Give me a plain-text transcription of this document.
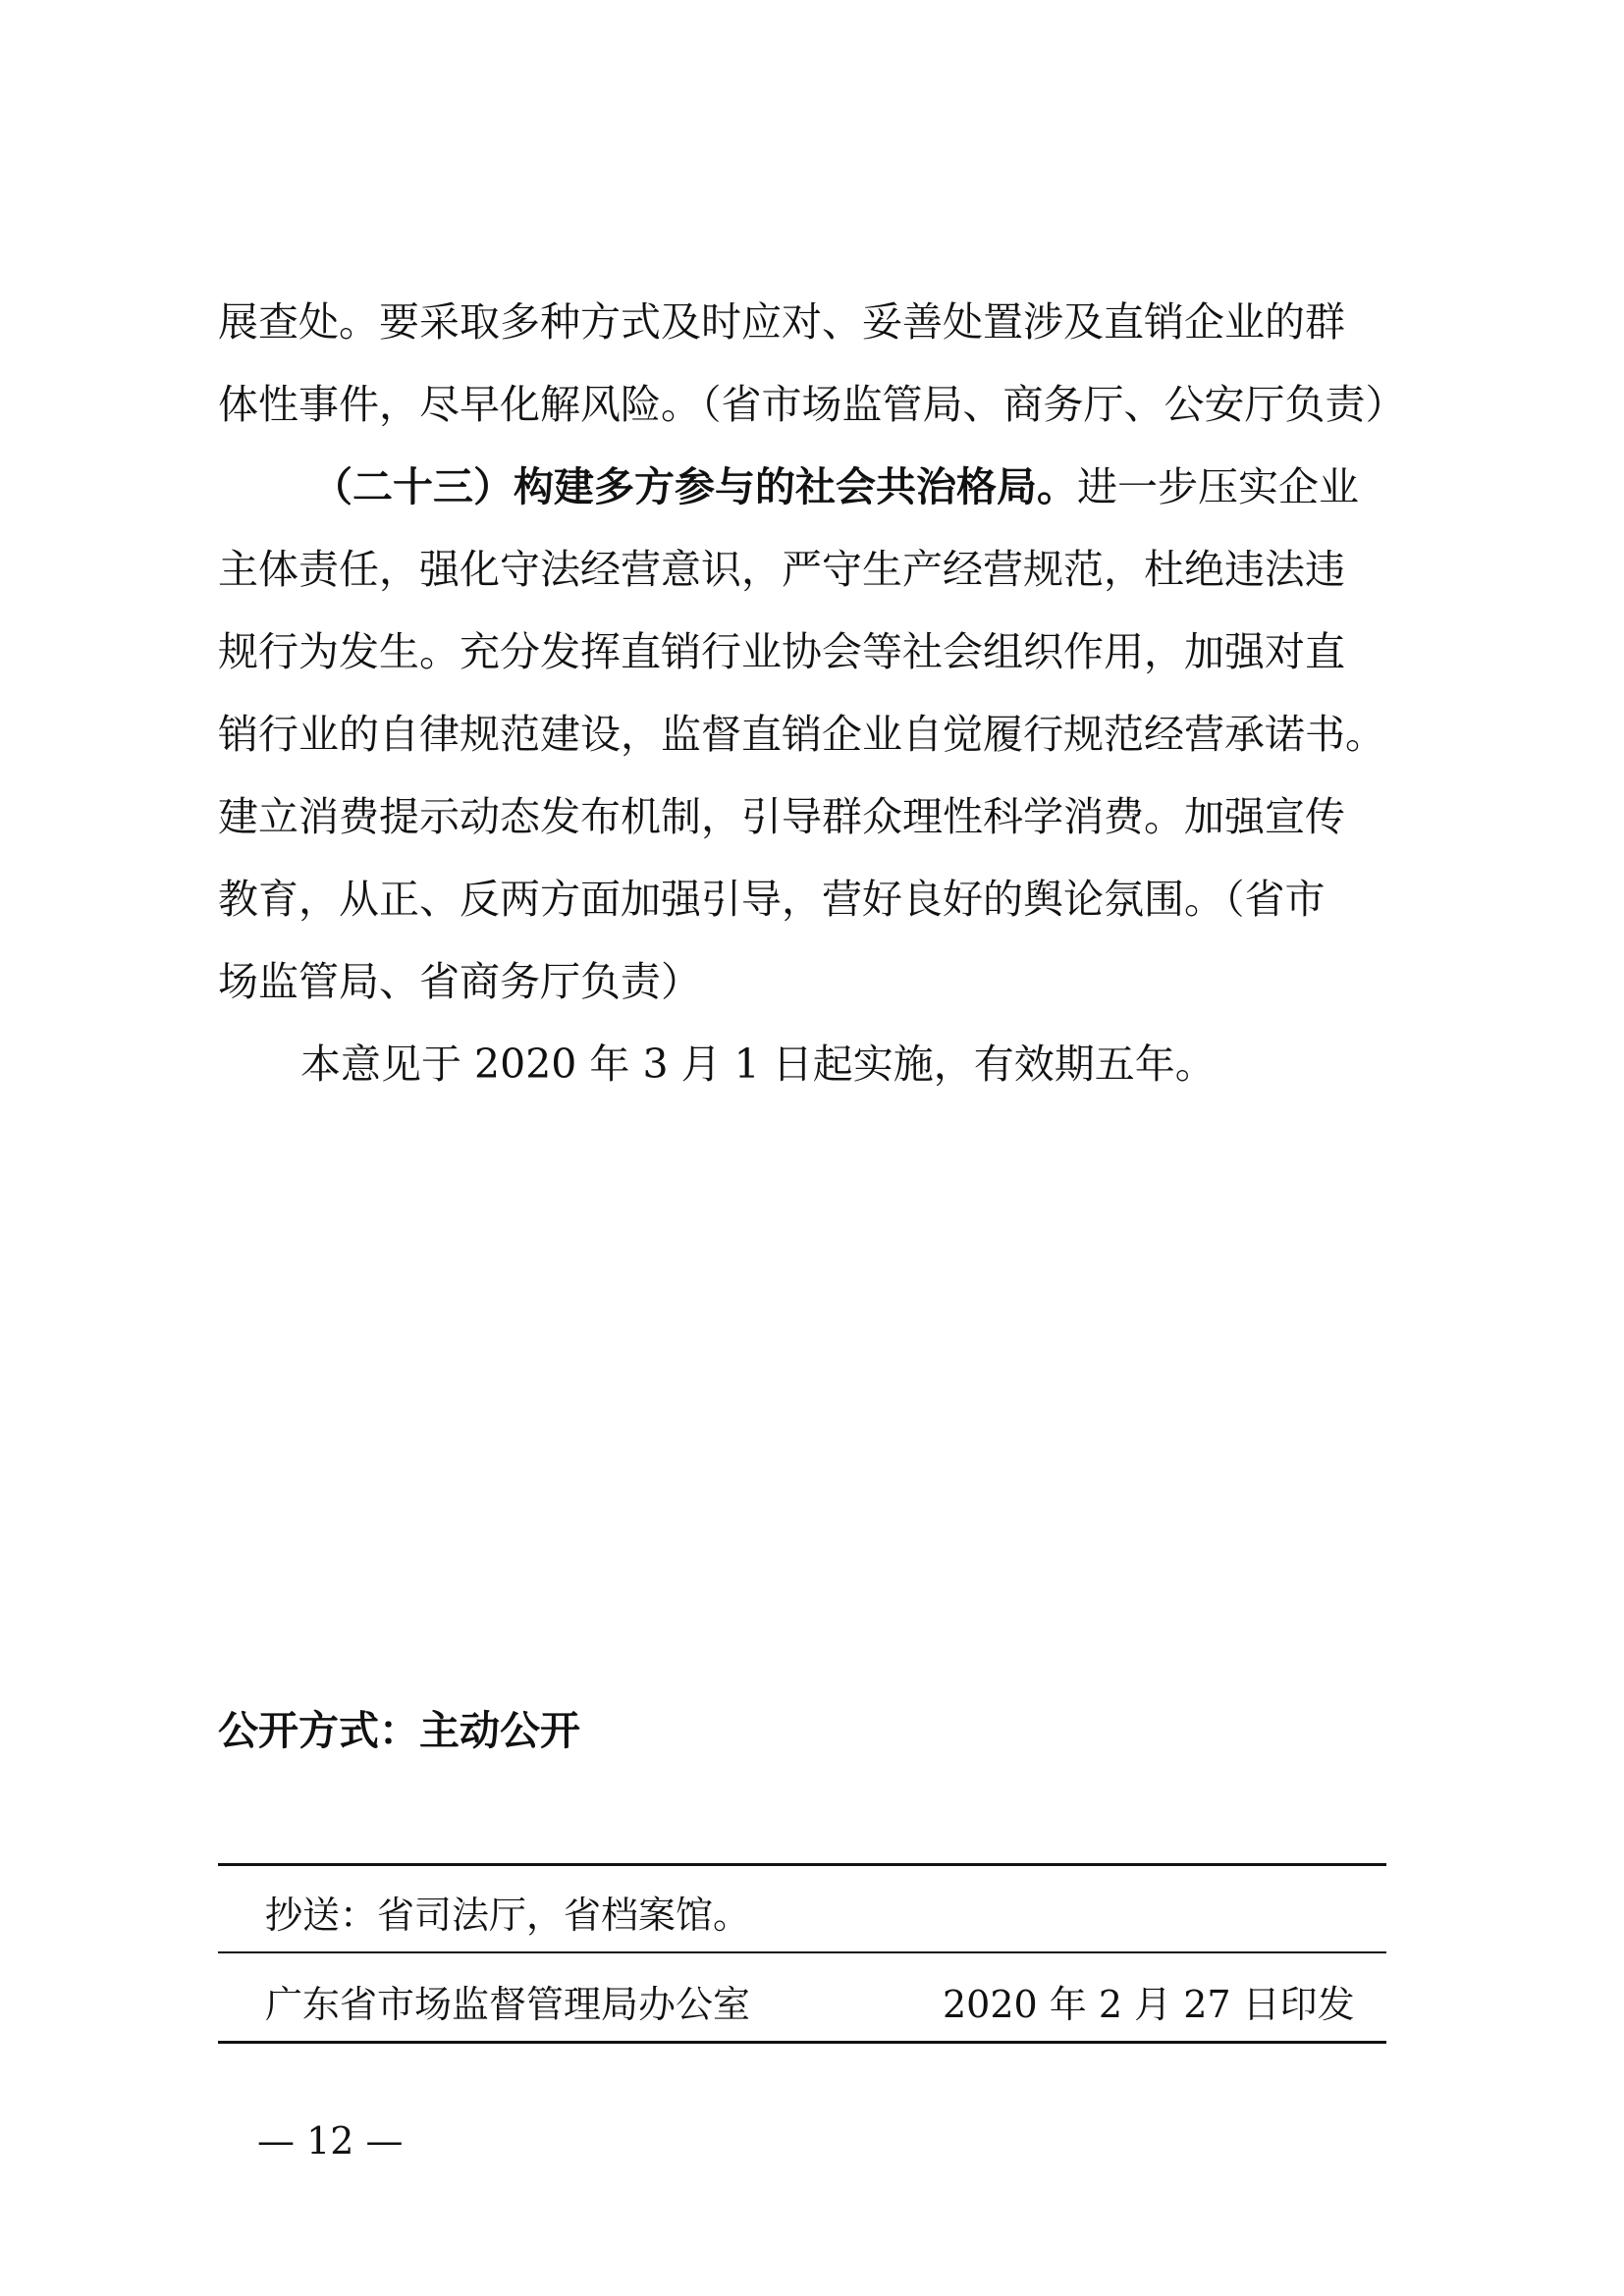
展查处。要采取多种方式及时应对、妥善处置涉及直销企业的群
体性事件，尽早化解风险。（省市场监管局、商务厅、公安厅负责）
（二十三）构建多方参与的社会共治格局。进一步压实企业
主体责任，强化守法经营意识，严守生产经营规范，杜绝违法违
规行为发生。充分发挥直销行业协会等社会组织作用，加强对直
销行业的自律规范建设，监督直销企业自觉履行规范经营承诺书。
建立消费提示动态发布机制，引导群众理性科学消费。加强宣传
教育，从正、反两方面加强引导，营好良好的舆论氛围。（省市
场监管局、省商务厅负责）
本意见于 2020 年 3 月 1 日起实施，有效期五年。
公开方式：主动公开
抄送：省司法厅，省档案馆。
广东省市场监督管理局办公室	2020 年 2 月 27 日印发
— 12 —
